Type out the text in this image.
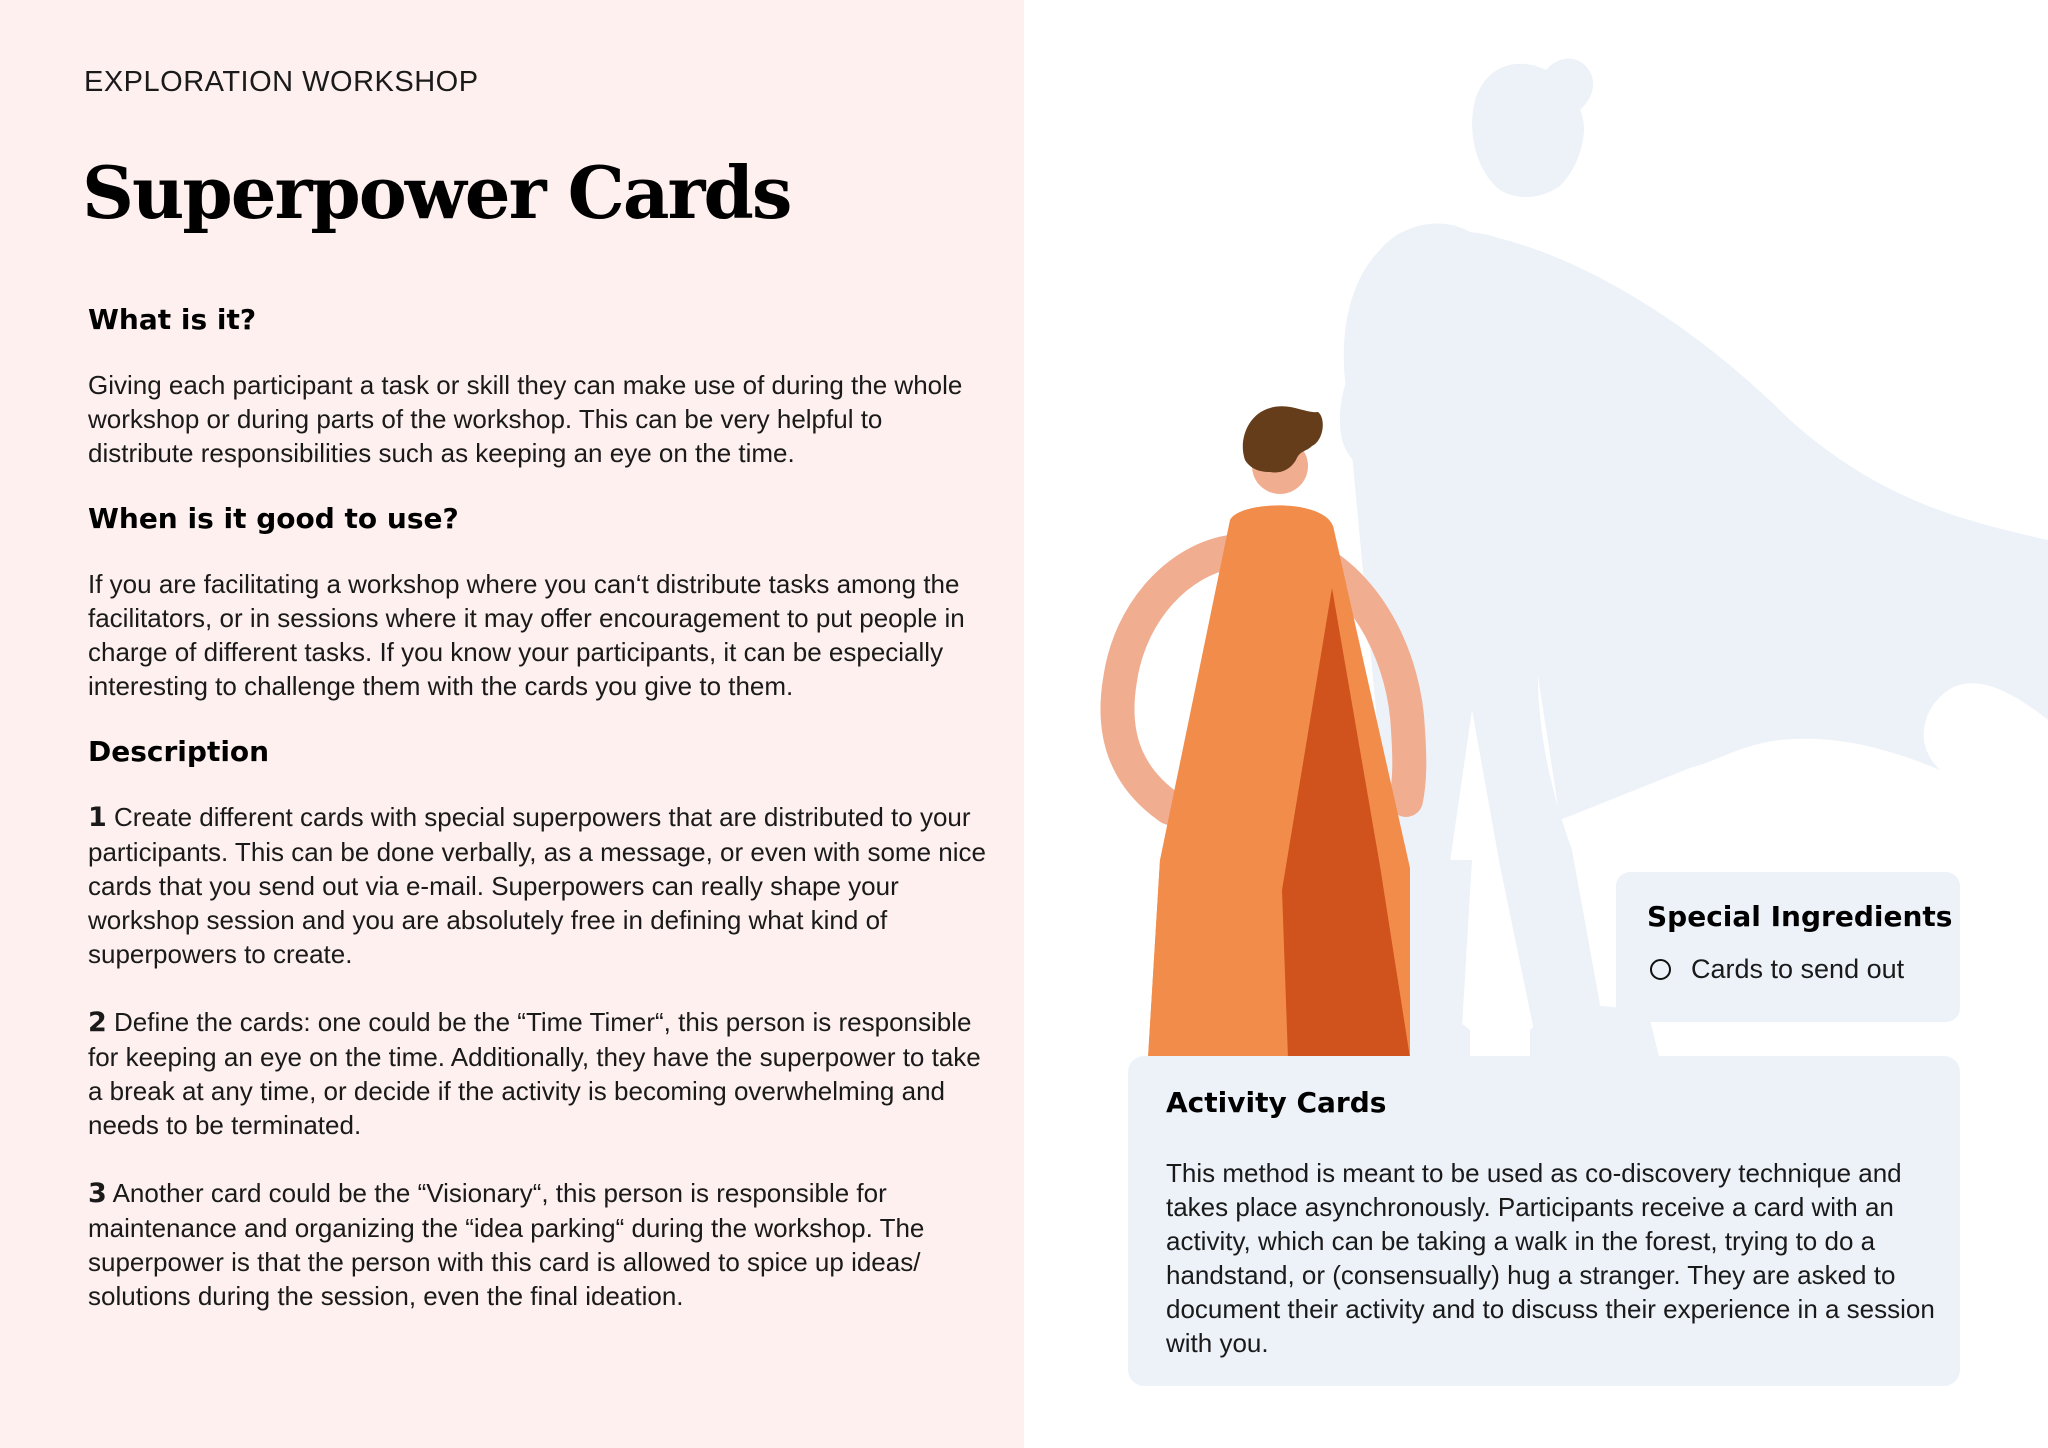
EXPLORATION WORKSHOP
Superpower Cards
What is it?

Giving each participant a task or skill they can make use of during the whole workshop or during parts of the workshop. This can be very helpful to distribute responsibilities such as keeping an eye on the time.

When is it good to use?

If you are facilitating a workshop where you can‘t distribute tasks among the facilitators, or in sessions where it may offer encouragement to put people in charge of different tasks. If you know your participants, it can be especially interesting to challenge them with the cards you give to them.

Description

1 Create different cards with special superpowers that are distributed to your participants. This can be done verbally, as a message, or even with some nice cards that you send out via e-mail. Superpowers can really shape your workshop session and you are absolutely free in defining what kind of superpowers to create.

2 Define the cards: one could be the “Time Timer“, this person is responsible for keeping an eye on the time. Additionally, they have the superpower to take a break at any time, or decide if the activity is becoming overwhelming and needs to be terminated.

3 Another card could be the “Visionary“, this person is responsible for maintenance and organizing the “idea parking“ during the workshop. The superpower is that the person with this card is allowed to spice up ideas/ solutions during the session, even the final ideation.

Special Ingredients
Cards to send out
Activity Cards
This method is meant to be used as co-discovery technique and takes place asynchronously. Participants receive a card with an activity, which can be taking a walk in the forest, trying to do a handstand, or (consensually) hug a stranger. They are asked to document their activity and to discuss their experience in a session with you.
